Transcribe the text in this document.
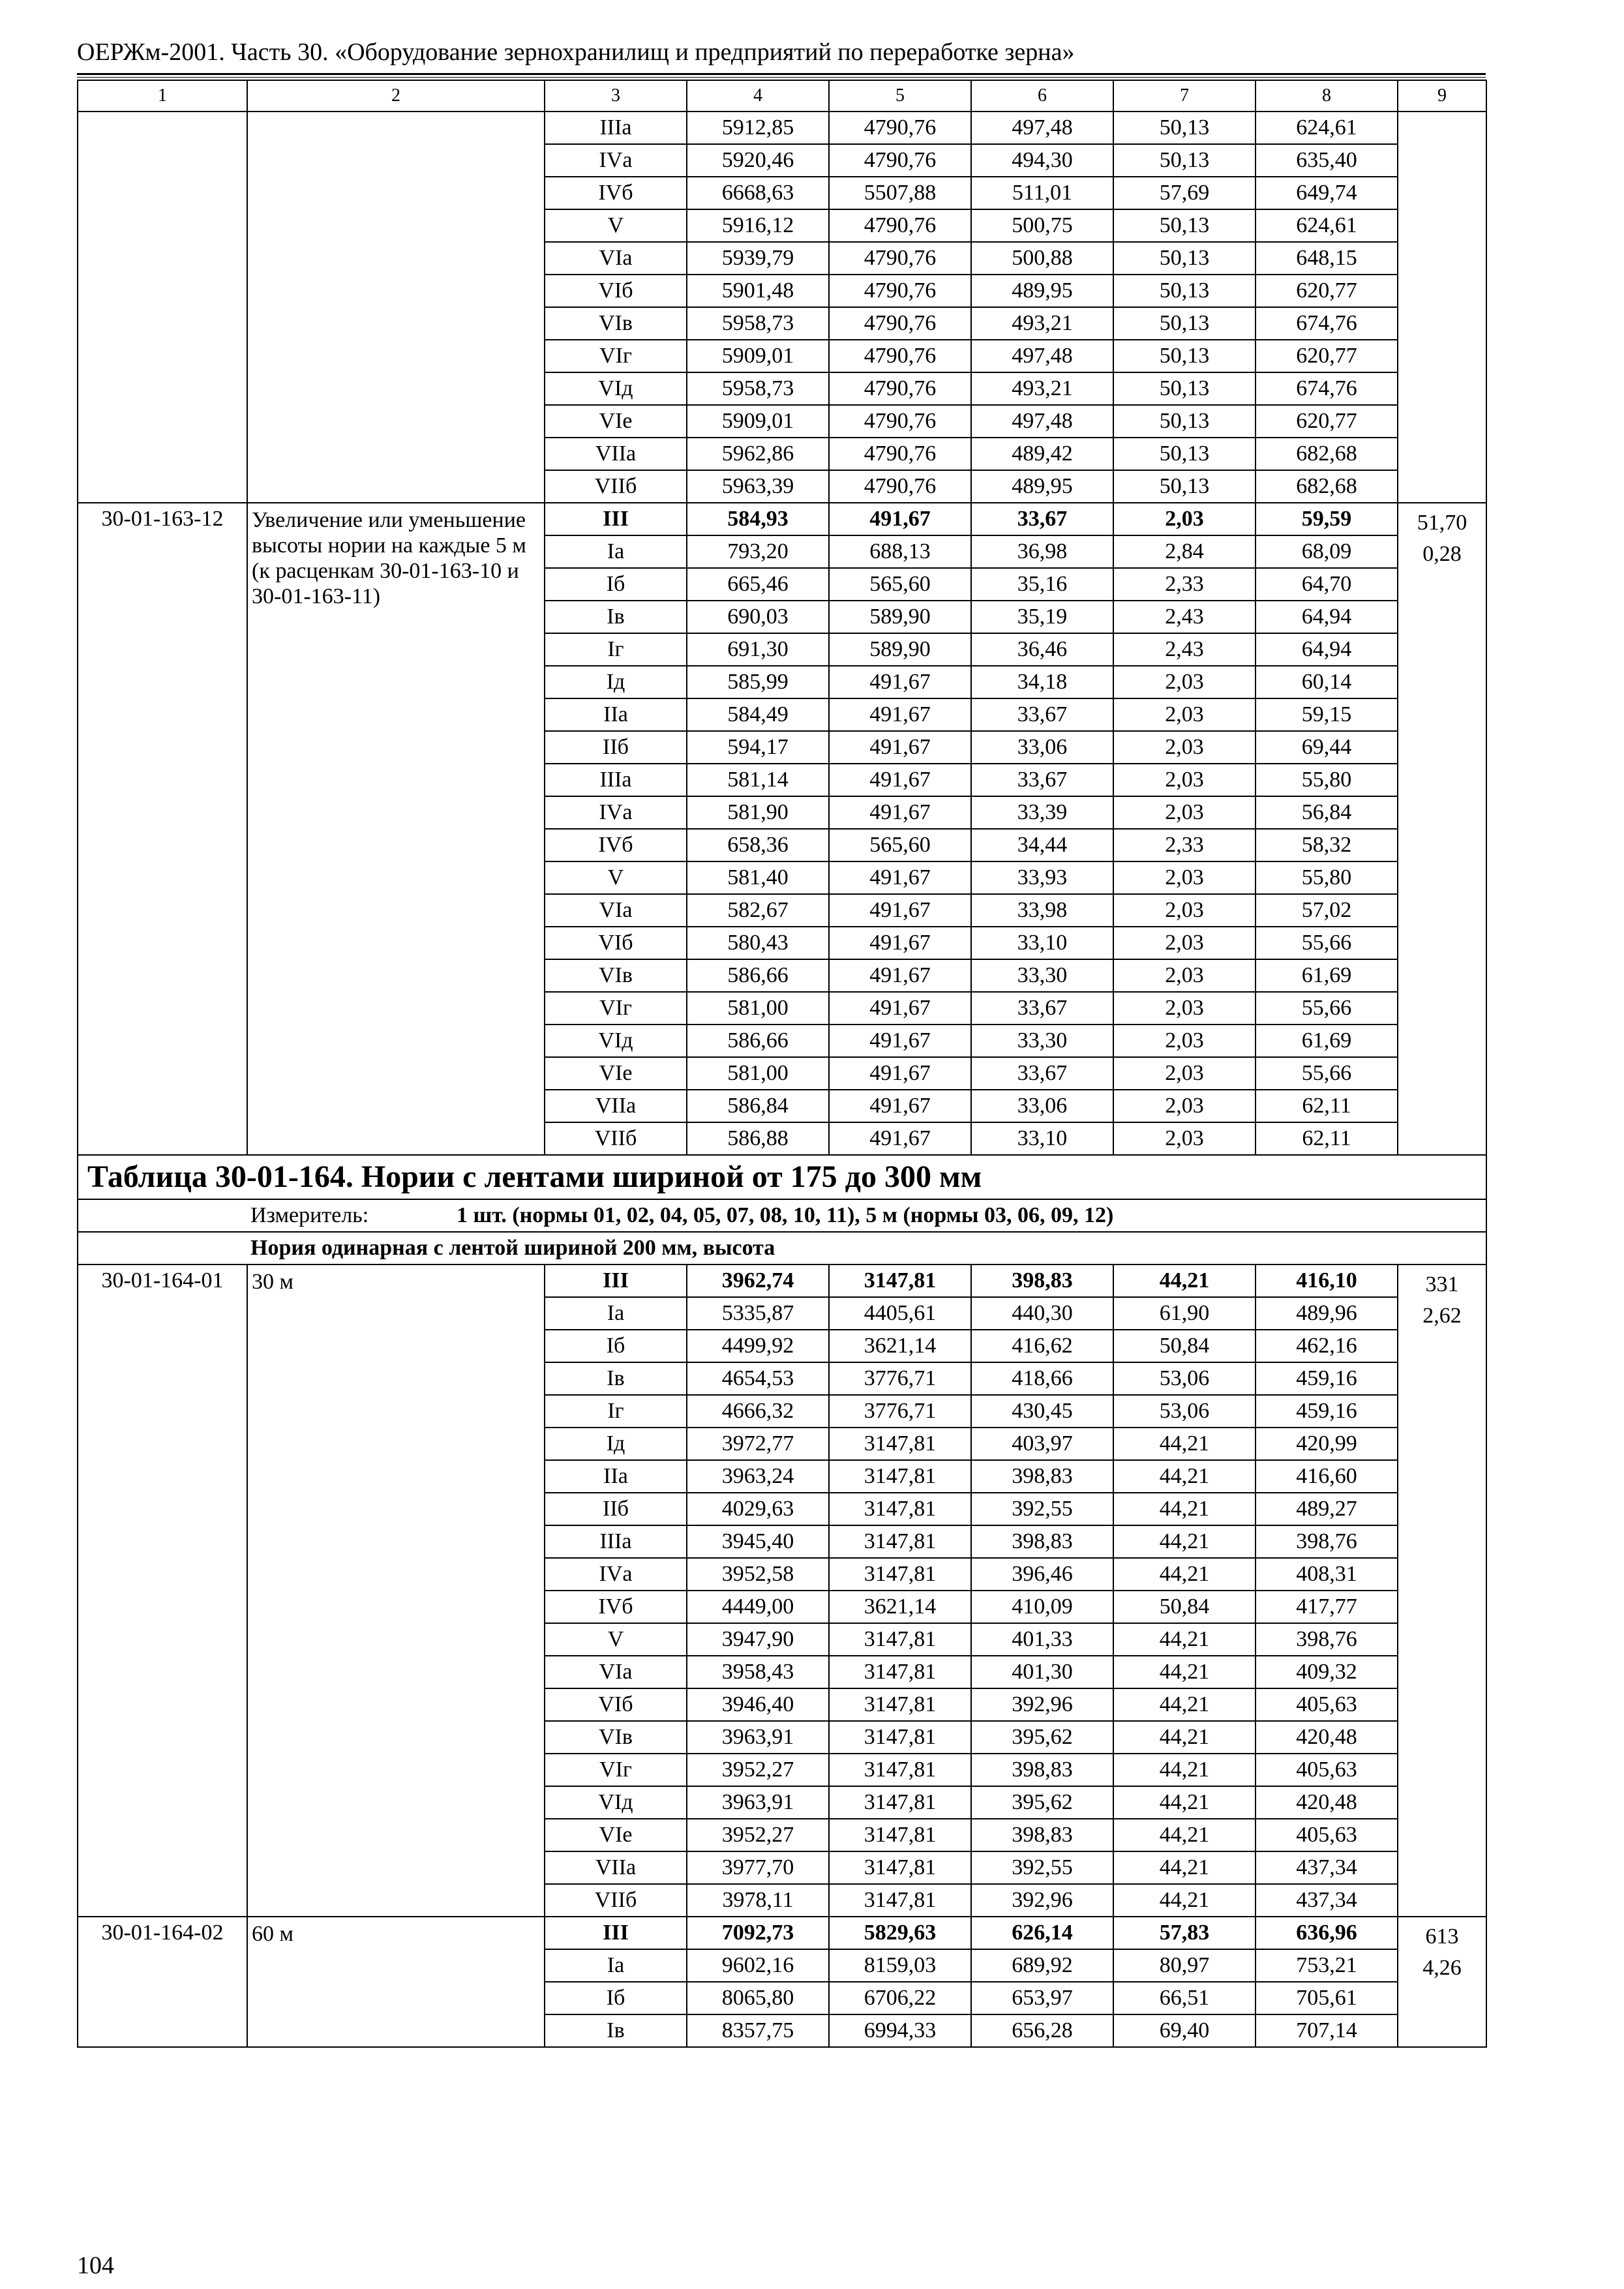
ОЕРЖм-2001. Часть 30. «Оборудование зернохранилищ и предприятий по переработке зерна»
1	2	3	4	5	6	7	8	9
		IIIа	5912,85	4790,76	497,48	50,13	624,61	
		IVа	5920,46	4790,76	494,30	50,13	635,40	
		IVб	6668,63	5507,88	511,01	57,69	649,74	
		V	5916,12	4790,76	500,75	50,13	624,61	
		VIа	5939,79	4790,76	500,88	50,13	648,15	
		VIб	5901,48	4790,76	489,95	50,13	620,77	
		VIв	5958,73	4790,76	493,21	50,13	674,76	
		VIг	5909,01	4790,76	497,48	50,13	620,77	
		VIд	5958,73	4790,76	493,21	50,13	674,76	
		VIе	5909,01	4790,76	497,48	50,13	620,77	
		VIIа	5962,86	4790,76	489,42	50,13	682,68	
		VIIб	5963,39	4790,76	489,95	50,13	682,68	
30-01-163-12	Увеличение или уменьшение высоты нории на каждые 5 м (к расценкам 30-01-163-10 и 30-01-163-11)	III	584,93	491,67	33,67	2,03	59,59	51,70
0,28

		Iа	793,20	688,13	36,98	2,84	68,09	
		Iб	665,46	565,60	35,16	2,33	64,70	
		Iв	690,03	589,90	35,19	2,43	64,94	
		Iг	691,30	589,90	36,46	2,43	64,94	
		Iд	585,99	491,67	34,18	2,03	60,14	
		IIа	584,49	491,67	33,67	2,03	59,15	
		IIб	594,17	491,67	33,06	2,03	69,44	
		IIIа	581,14	491,67	33,67	2,03	55,80	
		IVа	581,90	491,67	33,39	2,03	56,84	
		IVб	658,36	565,60	34,44	2,33	58,32	
		V	581,40	491,67	33,93	2,03	55,80	
		VIа	582,67	491,67	33,98	2,03	57,02	
		VIб	580,43	491,67	33,10	2,03	55,66	
		VIв	586,66	491,67	33,30	2,03	61,69	
		VIг	581,00	491,67	33,67	2,03	55,66	
		VIд	586,66	491,67	33,30	2,03	61,69	
		VIе	581,00	491,67	33,67	2,03	55,66	
		VIIа	586,84	491,67	33,06	2,03	62,11	
		VIIб	586,88	491,67	33,10	2,03	62,11	
Таблица 30-01-164. Нории с лентами шириной от 175 до 300 мм								
Измеритель: 1 шт. (нормы 01, 02, 04, 05, 07, 08, 10, 11), 5 м (нормы 03, 06, 09, 12)								
Нория одинарная с лентой шириной 200 мм, высота								
30-01-164-01	30 м	III	3962,74	3147,81	398,83	44,21	416,10	331
2,62

		Iа	5335,87	4405,61	440,30	61,90	489,96	
		Iб	4499,92	3621,14	416,62	50,84	462,16	
		Iв	4654,53	3776,71	418,66	53,06	459,16	
		Iг	4666,32	3776,71	430,45	53,06	459,16	
		Iд	3972,77	3147,81	403,97	44,21	420,99	
		IIа	3963,24	3147,81	398,83	44,21	416,60	
		IIб	4029,63	3147,81	392,55	44,21	489,27	
		IIIа	3945,40	3147,81	398,83	44,21	398,76	
		IVа	3952,58	3147,81	396,46	44,21	408,31	
		IVб	4449,00	3621,14	410,09	50,84	417,77	
		V	3947,90	3147,81	401,33	44,21	398,76	
		VIа	3958,43	3147,81	401,30	44,21	409,32	
		VIб	3946,40	3147,81	392,96	44,21	405,63	
		VIв	3963,91	3147,81	395,62	44,21	420,48	
		VIг	3952,27	3147,81	398,83	44,21	405,63	
		VIд	3963,91	3147,81	395,62	44,21	420,48	
		VIе	3952,27	3147,81	398,83	44,21	405,63	
		VIIа	3977,70	3147,81	392,55	44,21	437,34	
		VIIб	3978,11	3147,81	392,96	44,21	437,34	
30-01-164-02	60 м	III	7092,73	5829,63	626,14	57,83	636,96	613
4,26

		Iа	9602,16	8159,03	689,92	80,97	753,21	
		Iб	8065,80	6706,22	653,97	66,51	705,61	
		Iв	8357,75	6994,33	656,28	69,40	707,14	
104
